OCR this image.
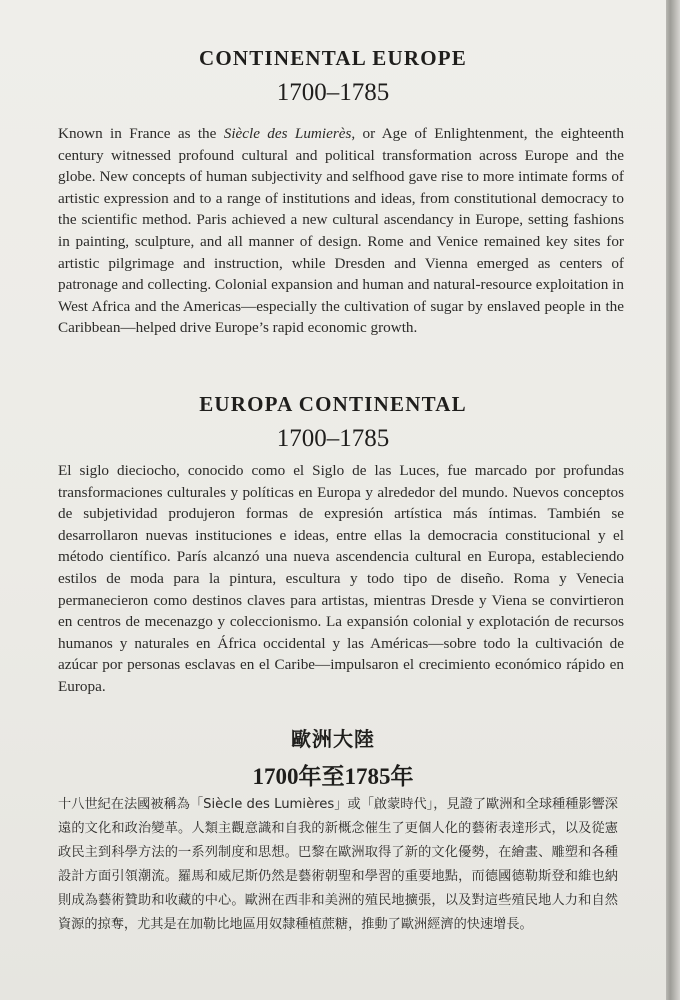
CONTINENTAL EUROPE
1700–1785

Known in France as the Siècle des Lumierès, or Age of Enlightenment, the eighteenth century witnessed profound cultural and political transformation across Europe and the globe. New concepts of human subjectivity and selfhood gave rise to more intimate forms of artistic expression and to a range of institutions and ideas, from constitutional democracy to the scientific method. Paris achieved a new cultural ascendancy in Europe, setting fashions in painting, sculpture, and all manner of design. Rome and Venice remained key sites for artistic pilgrimage and instruction, while Dresden and Vienna emerged as centers of patronage and collecting. Colonial expansion and human and natural-resource exploitation in West Africa and the Americas—especially the cultivation of sugar by enslaved people in the Caribbean—helped drive Europe’s rapid economic growth.

EUROPA CONTINENTAL
1700–1785

El siglo dieciocho, conocido como el Siglo de las Luces, fue marcado por profundas transformaciones culturales y políticas en Europa y alrededor del mundo. Nuevos conceptos de subjetividad produjeron formas de expresión artística más íntimas. También se desarrollaron nuevas instituciones e ideas, entre ellas la democracia constitucional y el método científico. París alcanzó una nueva ascendencia cultural en Europa, estableciendo estilos de moda para la pintura, escultura y todo tipo de diseño. Roma y Venecia permanecieron como destinos claves para artistas, mientras Dresde y Viena se convirtieron en centros de mecenazgo y coleccionismo. La expansión colonial y explotación de recursos humanos y naturales en África occidental y las Américas—sobre todo la cultivación de azúcar por personas esclavas en el Caribe—impulsaron el crecimiento económico rápido en Europa.

歐洲大陸
1700年至1785年

十八世紀在法國被稱為「Siècle des Lumières」或「啟蒙時代」，見證了歐洲和全球種種影響深遠的文化和政治變革。人類主觀意識和自我的新概念催生了更個人化的藝術表達形式，以及從憲政民主到科學方法的一系列制度和思想。巴黎在歐洲取得了新的文化優勢，在繪畫、雕塑和各種設計方面引領潮流。羅馬和威尼斯仍然是藝術朝聖和學習的重要地點，而德國德勒斯登和維也納則成為藝術贊助和收藏的中心。歐洲在西非和美洲的殖民地擴張，以及對這些殖民地人力和自然資源的掠奪，尤其是在加勒比地區用奴隸種植蔗糖，推動了歐洲經濟的快速增長。
